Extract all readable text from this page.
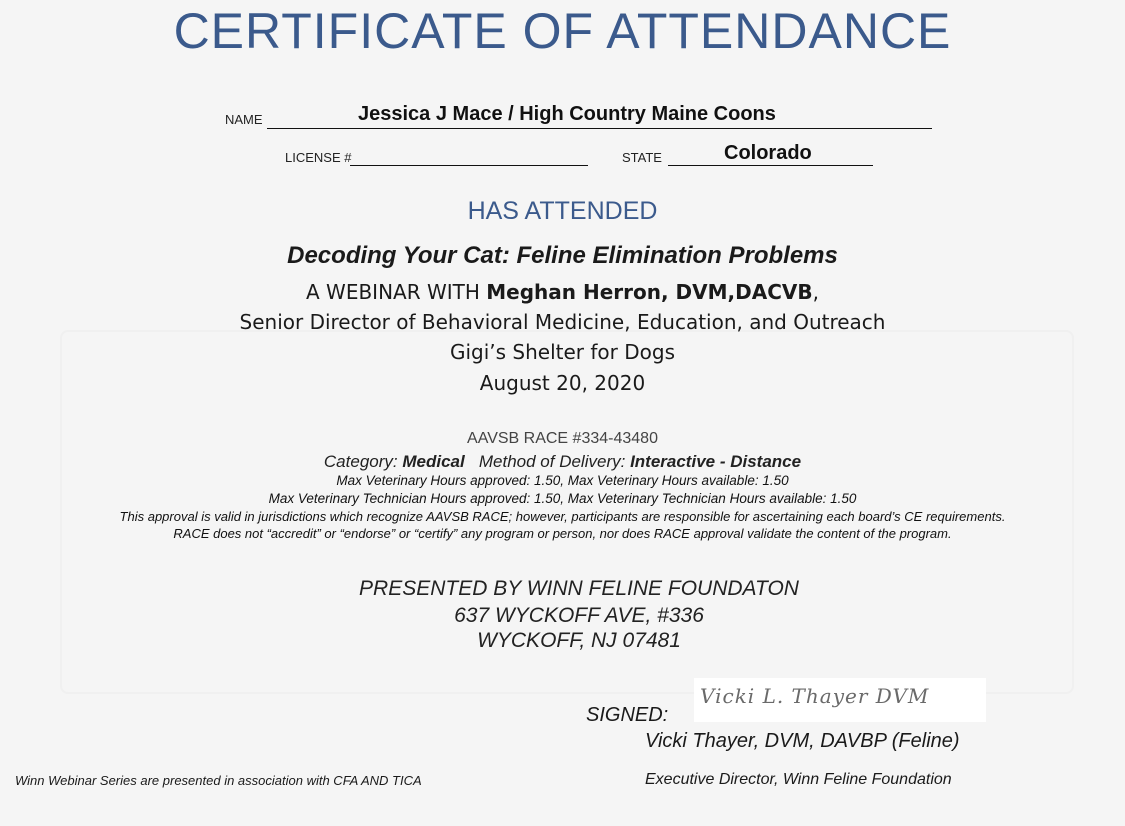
CERTIFICATE OF ATTENDANCE
NAME	Jessica J Mace / High Country Maine Coons
LICENSE #	STATE	Colorado
HAS ATTENDED
Decoding Your Cat: Feline Elimination Problems
A WEBINAR WITH Meghan Herron, DVM,DACVB,
Senior Director of Behavioral Medicine, Education, and Outreach
Gigi’s Shelter for Dogs
August 20, 2020
AAVSB RACE #334-43480
Category: Medical Method of Delivery: Interactive - Distance
Max Veterinary Hours approved: 1.50, Max Veterinary Hours available: 1.50
Max Veterinary Technician Hours approved: 1.50, Max Veterinary Technician Hours available: 1.50
This approval is valid in jurisdictions which recognize AAVSB RACE; however, participants are responsible for ascertaining each board’s CE requirements.
RACE does not “accredit” or “endorse” or “certify” any program or person, nor does RACE approval validate the content of the program.
PRESENTED BY WINN FELINE FOUNDATON
637 WYCKOFF AVE, #336
WYCKOFF, NJ 07481
SIGNED:
Vicki L. Thayer DVM
Vicki Thayer, DVM, DAVBP (Feline)
Executive Director, Winn Feline Foundation
Winn Webinar Series are presented in association with CFA AND TICA
